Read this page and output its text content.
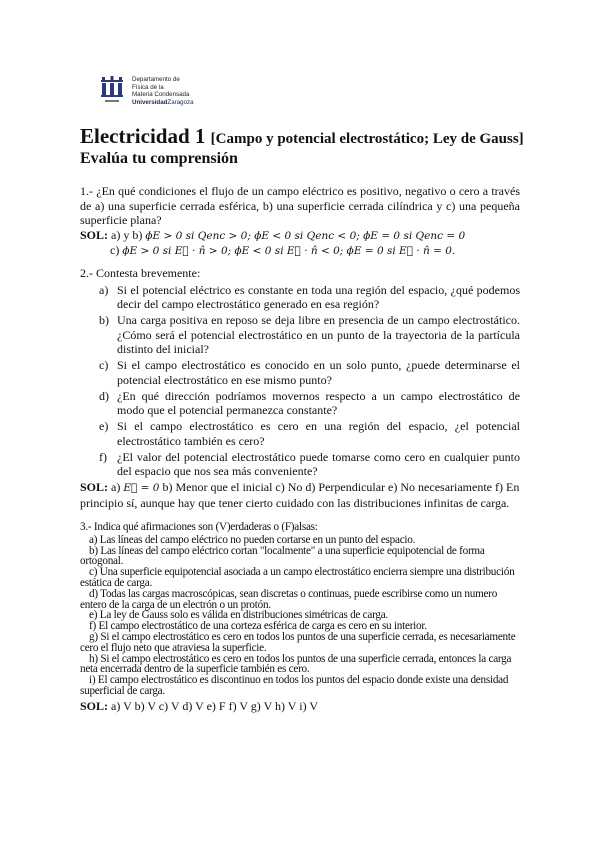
Departamento de
Física de la
Materia Condensada
UniversidadZaragoza
Electricidad 1 [Campo y potencial electrostático; Ley de Gauss]
Evalúa tu comprensión
1.- ¿En qué condiciones el flujo de un campo eléctrico es positivo, negativo o cero a través de a) una superficie cerrada esférica, b) una superficie cerrada cilíndrica y c) una pequeña superficie plana?
SOL: a) y b) ϕE > 0 si Qenc > 0; ϕE < 0 si Qenc < 0; ϕE = 0 si Qenc = 0
c) ϕE > 0 si E⃗ · n̂ > 0; ϕE < 0 si E⃗ · n̂ < 0; ϕE = 0 si E⃗ · n̂ = 0.
2.- Contesta brevemente:
a) Si el potencial eléctrico es constante en toda una región del espacio, ¿qué podemos decir del campo electrostático generado en esa región?
b) Una carga positiva en reposo se deja libre en presencia de un campo electrostático. ¿Cómo será el potencial electrostático en un punto de la trayectoria de la partícula distinto del inicial?
c) Si el campo electrostático es conocido en un solo punto, ¿puede determinarse el potencial electrostático en ese mismo punto?
d) ¿En qué dirección podríamos movernos respecto a un campo electrostático de modo que el potencial permanezca constante?
e) Si el campo electrostático es cero en una región del espacio, ¿el potencial electrostático también es cero?
f) ¿El valor del potencial electrostático puede tomarse como cero en cualquier punto del espacio que nos sea más conveniente?
SOL: a) E⃗ = 0 b) Menor que el inicial c) No d) Perpendicular e) No necesariamente f) En principio sí, aunque hay que tener cierto cuidado con las distribuciones infinitas de carga.
3.- Indica qué afirmaciones son (V)erdaderas o (F)alsas:
a) Las líneas del campo eléctrico no pueden cortarse en un punto del espacio.
b) Las líneas del campo eléctrico cortan "localmente" a una superficie equipotencial de forma ortogonal.
c) Una superficie equipotencial asociada a un campo electrostático encierra siempre una distribución estática de carga.
d) Todas las cargas macroscópicas, sean discretas o continuas, puede escribirse como un numero entero de la carga de un electrón o un protón.
e) La ley de Gauss solo es válida en distribuciones simétricas de carga.
f) El campo electrostático de una corteza esférica de carga es cero en su interior.
g) Si el campo electrostático es cero en todos los puntos de una superficie cerrada, es necesariamente cero el flujo neto que atraviesa la superficie.
h) Si el campo electrostático es cero en todos los puntos de una superficie cerrada, entonces la carga neta encerrada dentro de la superficie también es cero.
i) El campo electrostático es discontinuo en todos los puntos del espacio donde existe una densidad superficial de carga.
SOL: a) V b) V c) V d) V e) F f) V g) V h) V i) V
